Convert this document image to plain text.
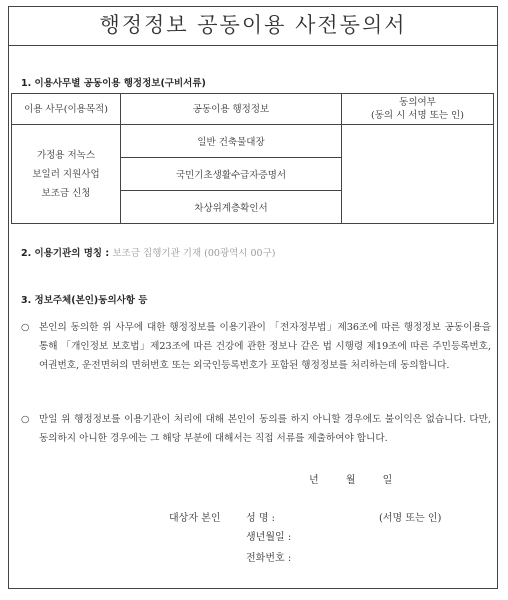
행정정보 공동이용 사전동의서
1. 이용사무별 공동이용 행정정보(구비서류)
이용 사무(이용목적)	공동이용 행정정보	동의여부
(동의 시 서명 또는 인)
가정용 저녹스
보일러 지원사업
보조금 신청	일반 건축물대장	
	국민기초생활수급자증명서	
	차상위계층확인서	
2. 이용기관의 명칭 : 보조금 집행기관 기재 (00광역시 00구)
3. 정보주체(본인)동의사항 등
○	본인의 동의한 위 사무에 대한 행정정보를 이용기관이 「전자정부법」제36조에 따른 행정정보 공동이용을 통해 「개인정보 보호법」제23조에 따른 건강에 관한 정보나 같은 법 시행령 제19조에 따른 주민등록번호, 여권번호, 운전면허의 면허번호 또는 외국인등록번호가 포함된 행정정보를 처리하는데 동의합니다.
○	만일 위 행정정보를 이용기관이 처리에 대해 본인이 동의를 하지 아니할 경우에도 불이익은 없습니다. 다만, 동의하지 아니한 경우에는 그 해당 부분에 대해서는 직접 서류를 제출하여야 합니다.
년 월 일
대상자 본인	성 명 :	(서명 또는 인)
생년월일 :
전화번호 :
